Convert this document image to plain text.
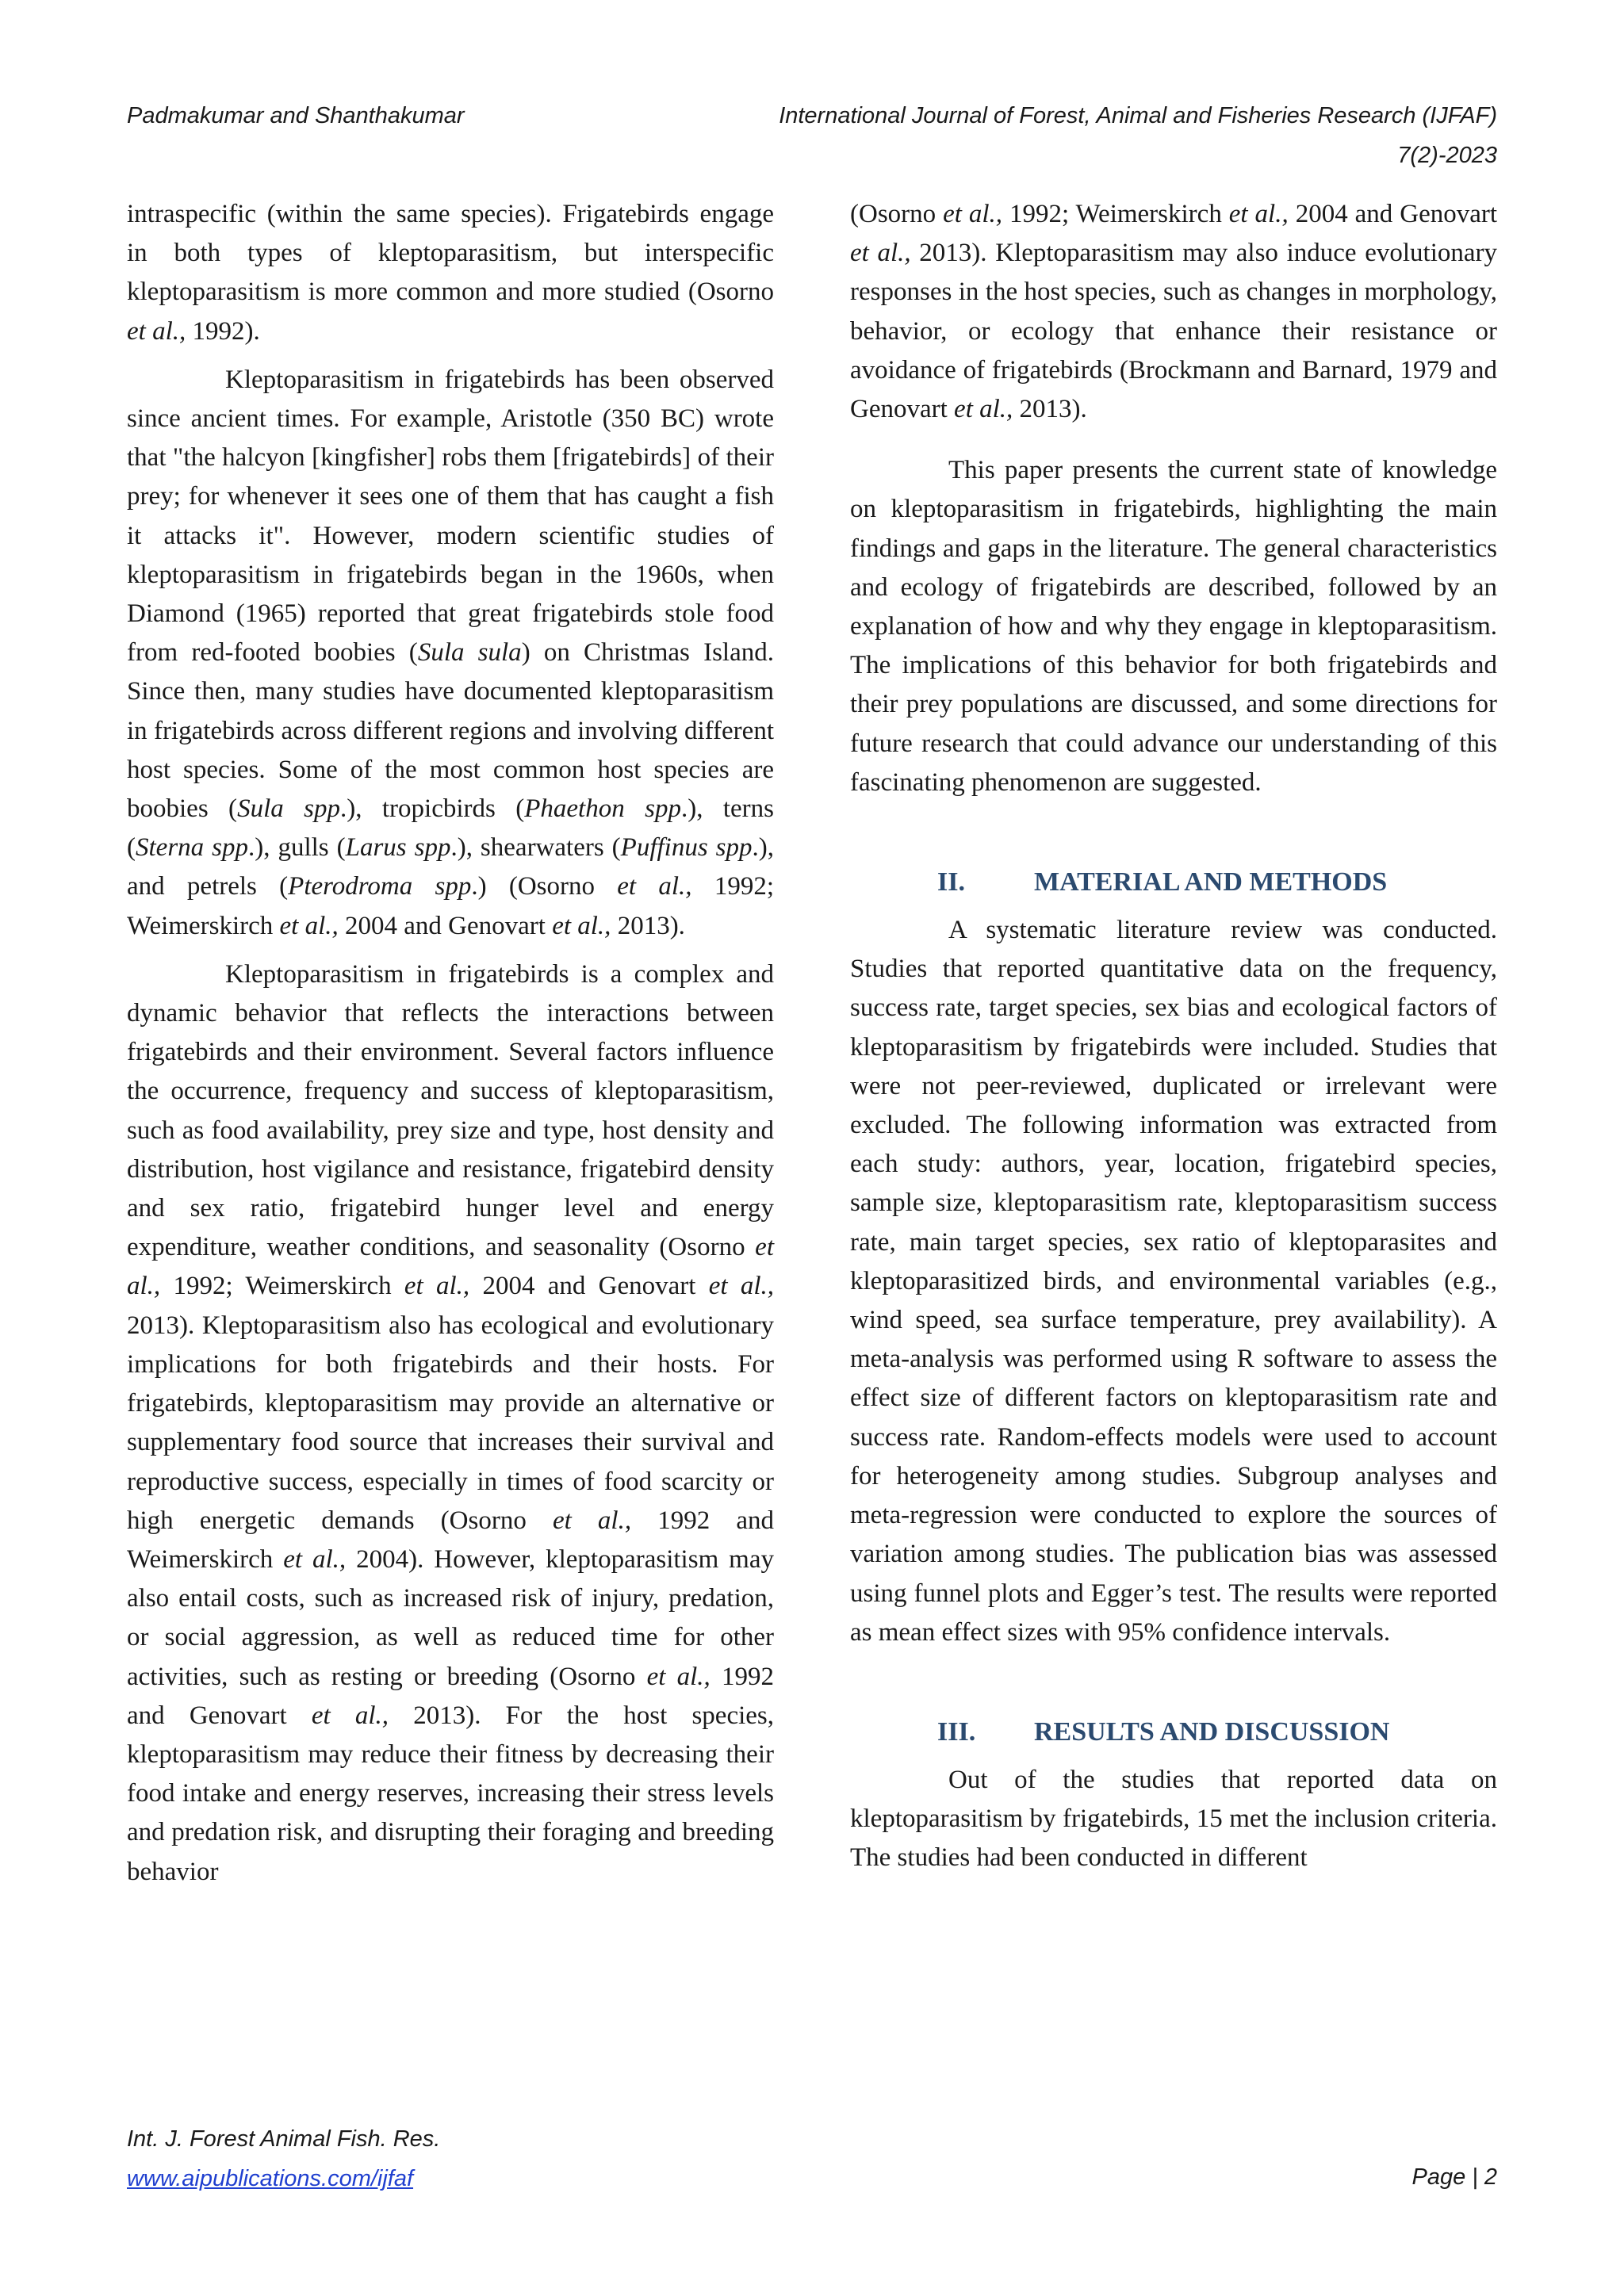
Padmakumar and Shanthakumar	International Journal of Forest, Animal and Fisheries Research (IJFAF)
7(2)-2023

intraspecific (within the same species). Frigatebirds engage in both types of kleptoparasitism, but interspecific kleptoparasitism is more common and more studied (Osorno et al., 1992).

Kleptoparasitism in frigatebirds has been observed since ancient times. For example, Aristotle (350 BC) wrote that "the halcyon [kingfisher] robs them [frigatebirds] of their prey; for whenever it sees one of them that has caught a fish it attacks it". However, modern scientific studies of kleptoparasitism in frigatebirds began in the 1960s, when Diamond (1965) reported that great frigatebirds stole food from red-footed boobies (Sula sula) on Christmas Island. Since then, many studies have documented kleptoparasitism in frigatebirds across different regions and involving different host species. Some of the most common host species are boobies (Sula spp.), tropicbirds (Phaethon spp.), terns (Sterna spp.), gulls (Larus spp.), shearwaters (Puffinus spp.), and petrels (Pterodroma spp.) (Osorno et al., 1992; Weimerskirch et al., 2004 and Genovart et al., 2013).

Kleptoparasitism in frigatebirds is a complex and dynamic behavior that reflects the interactions between frigatebirds and their environment. Several factors influence the occurrence, frequency and success of kleptoparasitism, such as food availability, prey size and type, host density and distribution, host vigilance and resistance, frigatebird density and sex ratio, frigatebird hunger level and energy expenditure, weather conditions, and seasonality (Osorno et al., 1992; Weimerskirch et al., 2004 and Genovart et al., 2013). Kleptoparasitism also has ecological and evolutionary implications for both frigatebirds and their hosts. For frigatebirds, kleptoparasitism may provide an alternative or supplementary food source that increases their survival and reproductive success, especially in times of food scarcity or high energetic demands (Osorno et al., 1992 and Weimerskirch et al., 2004). However, kleptoparasitism may also entail costs, such as increased risk of injury, predation, or social aggression, as well as reduced time for other activities, such as resting or breeding (Osorno et al., 1992 and Genovart et al., 2013). For the host species, kleptoparasitism may reduce their fitness by decreasing their food intake and energy reserves, increasing their stress levels and predation risk, and disrupting their foraging and breeding behavior

(Osorno et al., 1992; Weimerskirch et al., 2004 and Genovart et al., 2013). Kleptoparasitism may also induce evolutionary responses in the host species, such as changes in morphology, behavior, or ecology that enhance their resistance or avoidance of frigatebirds (Brockmann and Barnard, 1979 and Genovart et al., 2013).

This paper presents the current state of knowledge on kleptoparasitism in frigatebirds, highlighting the main findings and gaps in the literature. The general characteristics and ecology of frigatebirds are described, followed by an explanation of how and why they engage in kleptoparasitism. The implications of this behavior for both frigatebirds and their prey populations are discussed, and some directions for future research that could advance our understanding of this fascinating phenomenon are suggested.

II.	MATERIAL AND METHODS

A systematic literature review was conducted. Studies that reported quantitative data on the frequency, success rate, target species, sex bias and ecological factors of kleptoparasitism by frigatebirds were included. Studies that were not peer-reviewed, duplicated or irrelevant were excluded. The following information was extracted from each study: authors, year, location, frigatebird species, sample size, kleptoparasitism rate, kleptoparasitism success rate, main target species, sex ratio of kleptoparasites and kleptoparasitized birds, and environmental variables (e.g., wind speed, sea surface temperature, prey availability). A meta-analysis was performed using R software to assess the effect size of different factors on kleptoparasitism rate and success rate. Random-effects models were used to account for heterogeneity among studies. Subgroup analyses and meta-regression were conducted to explore the sources of variation among studies. The publication bias was assessed using funnel plots and Egger’s test. The results were reported as mean effect sizes with 95% confidence intervals.

III. RESULTS AND DISCUSSION

Out of the studies that reported data on kleptoparasitism by frigatebirds, 15 met the inclusion criteria. The studies had been conducted in different

Int. J. Forest Animal Fish. Res.
www.aipublications.com/ijfaf	Page | 2
